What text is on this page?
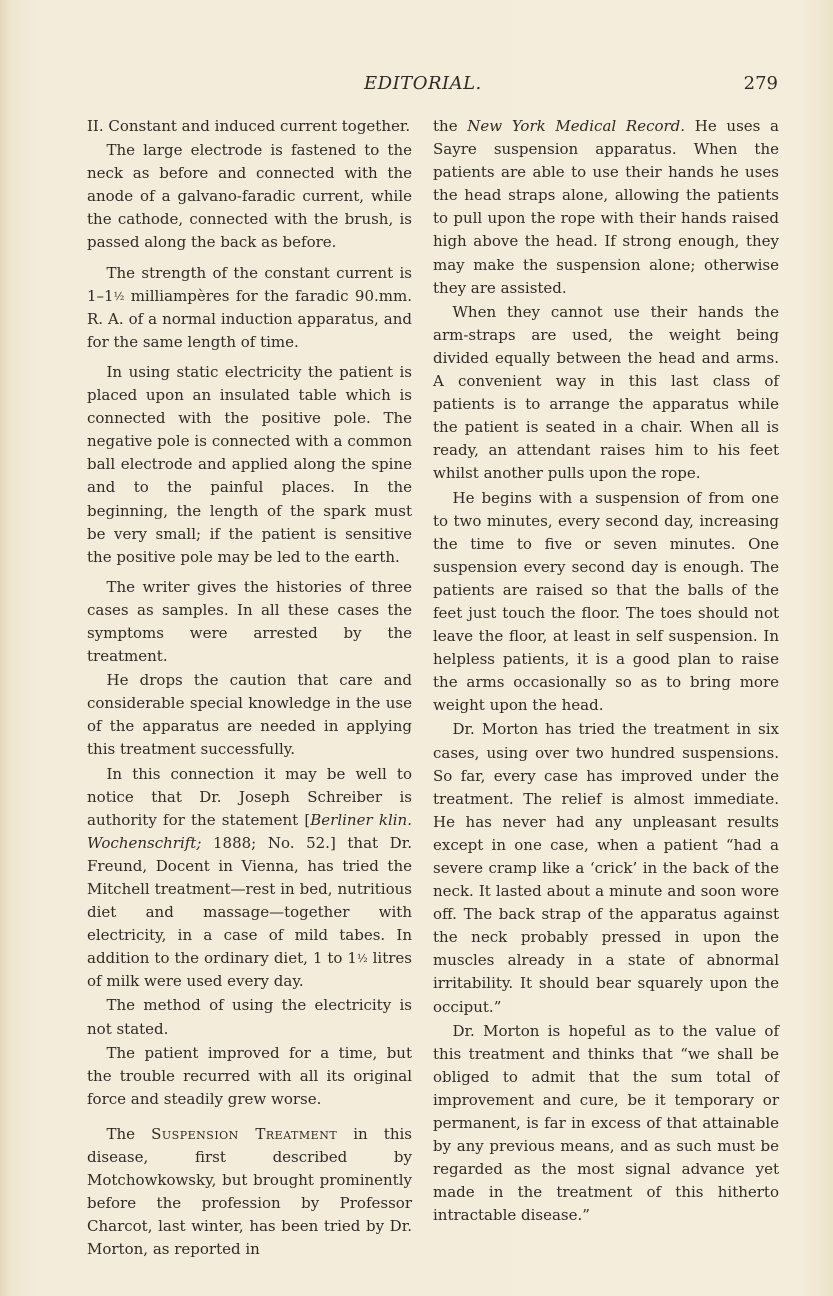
EDITORIAL.	279

II. Constant and induced current together.

The large electrode is fastened to the neck as before and connected with the anode of a galvano-faradic current, while the cathode, connected with the brush, is passed along the back as before.

The strength of the constant current is 1–1½ milliampères for the faradic 90.mm. R. A. of a normal induction apparatus, and for the same length of time.

In using static electricity the patient is placed upon an insulated table which is connected with the positive pole. The negative pole is connected with a common ball electrode and applied along the spine and to the painful places. In the beginning, the length of the spark must be very small; if the patient is sensitive the positive pole may be led to the earth.

The writer gives the histories of three cases as samples. In all these cases the symptoms were arrested by the treatment.

He drops the caution that care and considerable special knowledge in the use of the apparatus are needed in applying this treatment successfully.

In this connection it may be well to notice that Dr. Joseph Schreiber is authority for the statement [Berliner klin. Wochenschrift; 1888; No. 52.] that Dr. Freund, Docent in Vienna, has tried the Mitchell treatment—rest in bed, nutritious diet and massage—together with electricity, in a case of mild tabes. In addition to the ordinary diet, 1 to 1½ litres of milk were used every day.

The method of using the electricity is not stated.

The patient improved for a time, but the trouble recurred with all its original force and steadily grew worse.

The Suspension Treatment in this disease, first described by Motchowkowsky, but brought prominently before the profession by Professor Charcot, last winter, has been tried by Dr. Morton, as reported in

the New York Medical Record. He uses a Sayre suspension apparatus. When the patients are able to use their hands he uses the head straps alone, allowing the patients to pull upon the rope with their hands raised high above the head. If strong enough, they may make the suspension alone; otherwise they are assisted.

When they cannot use their hands the arm-straps are used, the weight being divided equally between the head and arms. A convenient way in this last class of patients is to arrange the apparatus while the patient is seated in a chair. When all is ready, an attendant raises him to his feet whilst another pulls upon the rope.

He begins with a suspension of from one to two minutes, every second day, increasing the time to five or seven minutes. One suspension every second day is enough. The patients are raised so that the balls of the feet just touch the floor. The toes should not leave the floor, at least in self suspension. In helpless patients, it is a good plan to raise the arms occasionally so as to bring more weight upon the head.

Dr. Morton has tried the treatment in six cases, using over two hundred suspensions. So far, every case has improved under the treatment. The relief is almost immediate. He has never had any unpleasant results except in one case, when a patient “had a severe cramp like a ‘crick’ in the back of the neck. It lasted about a minute and soon wore off. The back strap of the apparatus against the neck probably pressed in upon the muscles already in a state of abnormal irritability. It should bear squarely upon the occiput.”

Dr. Morton is hopeful as to the value of this treatment and thinks that “we shall be obliged to admit that the sum total of improvement and cure, be it temporary or permanent, is far in excess of that attainable by any previous means, and as such must be regarded as the most signal advance yet made in the treatment of this hitherto intractable disease.”
